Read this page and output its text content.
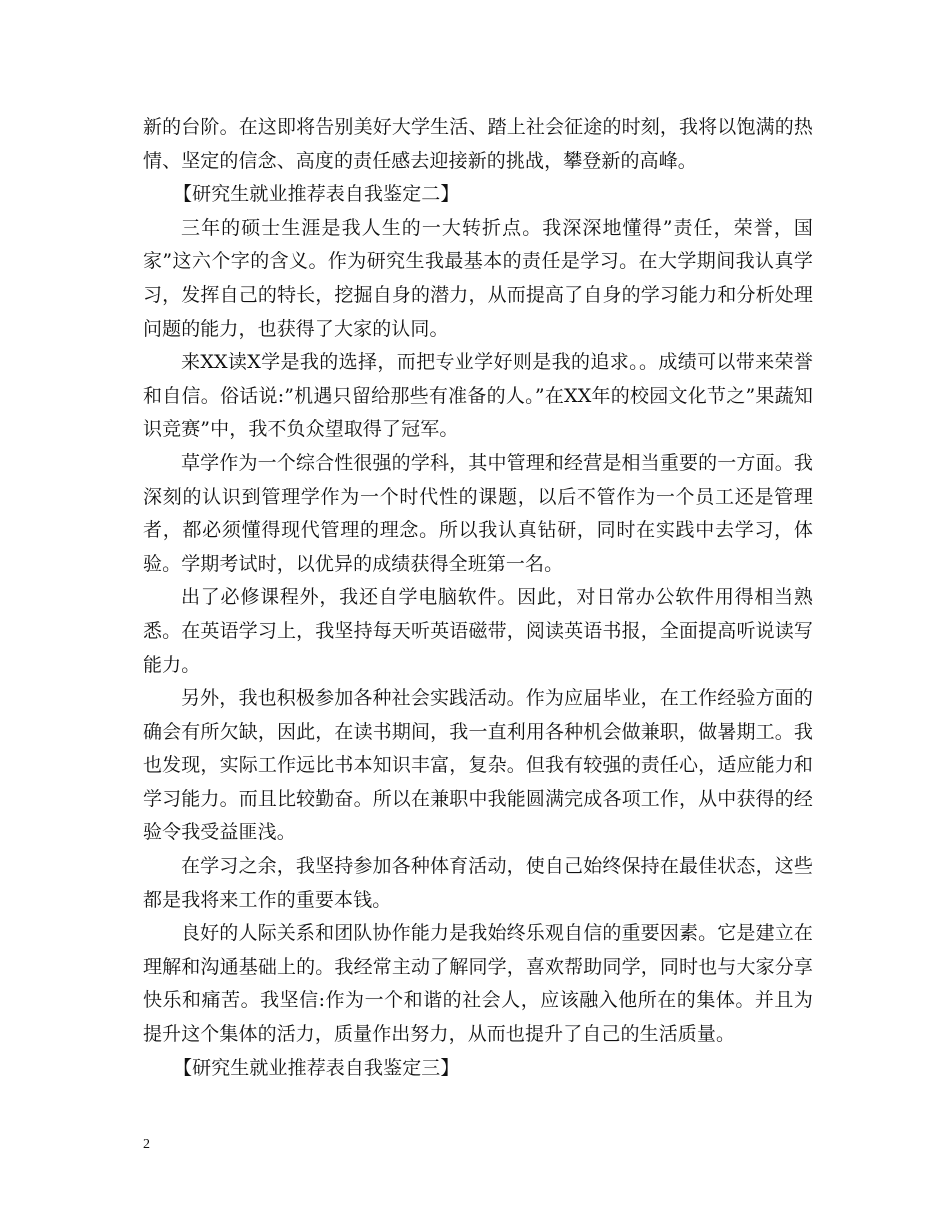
新的台阶。在这即将告别美好大学生活、踏上社会征途的时刻，我将以饱满的热情、坚定的信念、高度的责任感去迎接新的挑战，攀登新的高峰。

【研究生就业推荐表自我鉴定二】

三年的硕士生涯是我人生的一大转折点。我深深地懂得”责任，荣誉，国家”这六个字的含义。作为研究生我最基本的责任是学习。在大学期间我认真学习，发挥自己的特长，挖掘自身的潜力，从而提高了自身的学习能力和分析处理问题的能力，也获得了大家的认同。

来XX读X学是我的选择，而把专业学好则是我的追求。。成绩可以带来荣誉和自信。俗话说:”机遇只留给那些有准备的人。”在XX年的校园文化节之”果蔬知识竞赛”中，我不负众望取得了冠军。

草学作为一个综合性很强的学科，其中管理和经营是相当重要的一方面。我深刻的认识到管理学作为一个时代性的课题，以后不管作为一个员工还是管理者，都必须懂得现代管理的理念。所以我认真钻研，同时在实践中去学习，体验。学期考试时，以优异的成绩获得全班第一名。

出了必修课程外，我还自学电脑软件。因此，对日常办公软件用得相当熟悉。在英语学习上，我坚持每天听英语磁带，阅读英语书报，全面提高听说读写能力。

另外，我也积极参加各种社会实践活动。作为应届毕业，在工作经验方面的确会有所欠缺，因此，在读书期间，我一直利用各种机会做兼职，做暑期工。我也发现，实际工作远比书本知识丰富，复杂。但我有较强的责任心，适应能力和学习能力。而且比较勤奋。所以在兼职中我能圆满完成各项工作，从中获得的经验令我受益匪浅。

在学习之余，我坚持参加各种体育活动，使自己始终保持在最佳状态，这些都是我将来工作的重要本钱。

良好的人际关系和团队协作能力是我始终乐观自信的重要因素。它是建立在理解和沟通基础上的。我经常主动了解同学，喜欢帮助同学，同时也与大家分享快乐和痛苦。我坚信:作为一个和谐的社会人，应该融入他所在的集体。并且为提升这个集体的活力，质量作出努力，从而也提升了自己的生活质量。

【研究生就业推荐表自我鉴定三】

2
